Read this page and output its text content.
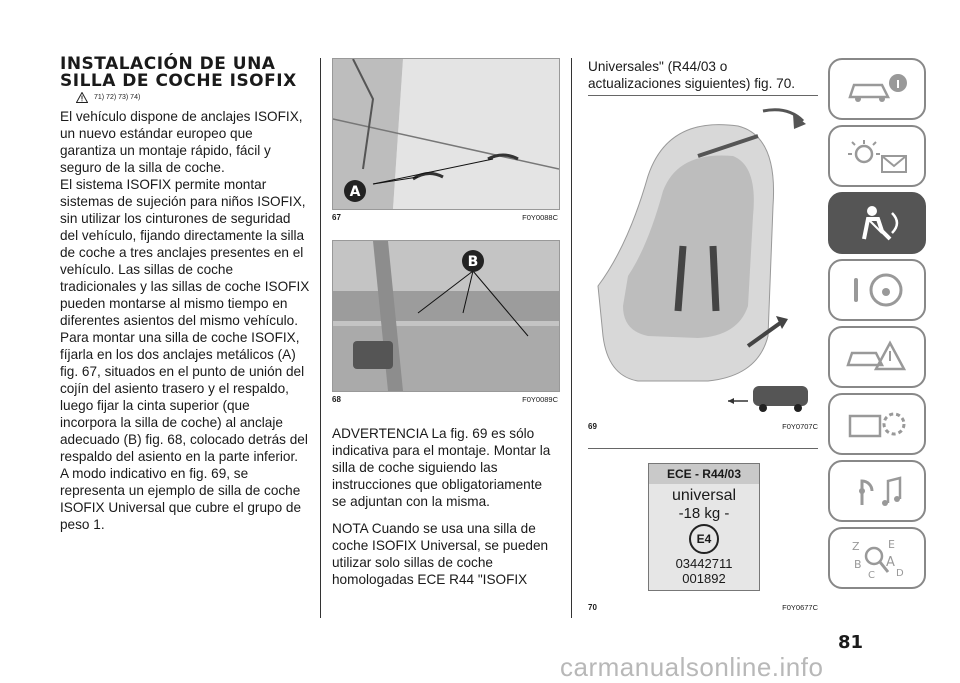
INSTALACIÓN DE UNA
SILLA DE COCHE ISOFIX
71) 72) 73) 74)

El vehículo dispone de anclajes ISOFIX, un nuevo estándar europeo que garantiza un montaje rápido, fácil y seguro de la silla de coche.

El sistema ISOFIX permite montar sistemas de sujeción para niños ISOFIX, sin utilizar los cinturones de seguridad del vehículo, fijando directamente la silla de coche a tres anclajes presentes en el vehículo. Las sillas de coche tradicionales y las sillas de coche ISOFIX pueden montarse al mismo tiempo en diferentes asientos del mismo vehículo.

Para montar una silla de coche ISOFIX, fíjarla en los dos anclajes metálicos (A) fig. 67, situados en el punto de unión del cojín del asiento trasero y el respaldo, luego fijar la cinta superior (que incorpora la silla de coche) al anclaje adecuado (B) fig. 68, colocado detrás del respaldo del asiento en la parte inferior.

A modo indicativo en fig. 69, se representa un ejemplo de silla de coche ISOFIX Universal que cubre el grupo de peso 1.

A
67	F0Y0088C
B
68	F0Y0089C

ADVERTENCIA La fig. 69 es sólo indicativa para el montaje. Montar la silla de coche siguiendo las instrucciones que obligatoriamente se adjuntan con la misma.

NOTA Cuando se usa una silla de coche ISOFIX Universal, se pueden utilizar solo sillas de coche homologadas ECE R44 "ISOFIX

Universales" (R44/03 o actualizaciones siguientes) fig. 70.

69	F0Y0707C
ECE - R44/03
universal
-18 kg -
E4
03442711
001892
70	F0Y0677C
Z	E
B A
C D
81
carmanualsonline.info
